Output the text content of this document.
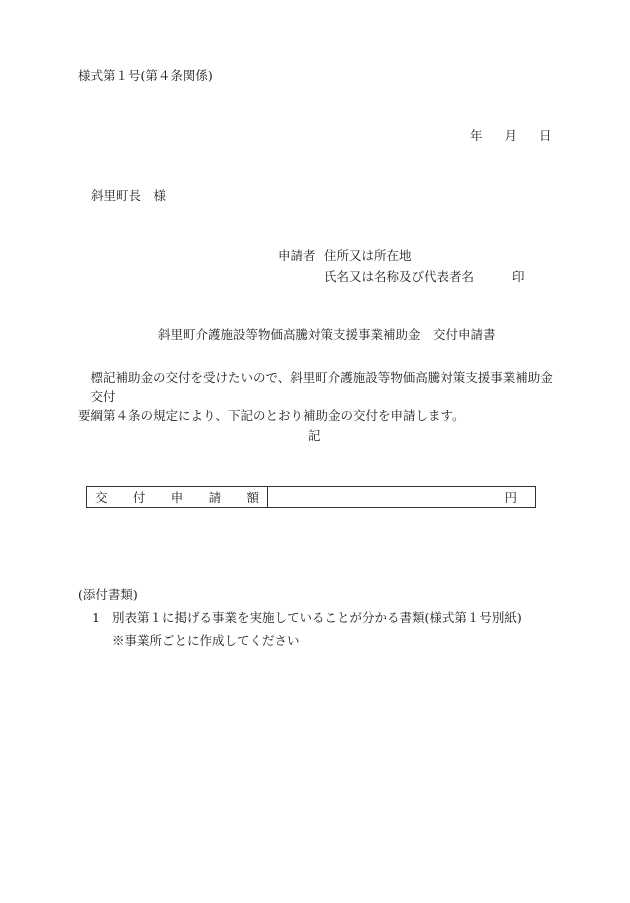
様式第１号(第４条関係)
年 月 日
斜里町長　様
申請者 住所又は所在地
氏名又は名称及び代表者名	印
斜里町介護施設等物価高騰対策支援事業補助金　交付申請書
標記補助金の交付を受けたいので、斜里町介護施設等物価高騰対策支援事業補助金交付
要綱第４条の規定により、下記のとおり補助金の交付を申請します。
記
交 付 申 請 額	円
(添付書類)
1 別表第１に掲げる事業を実施していることが分かる書類(様式第１号別紙)
※事業所ごとに作成してください
